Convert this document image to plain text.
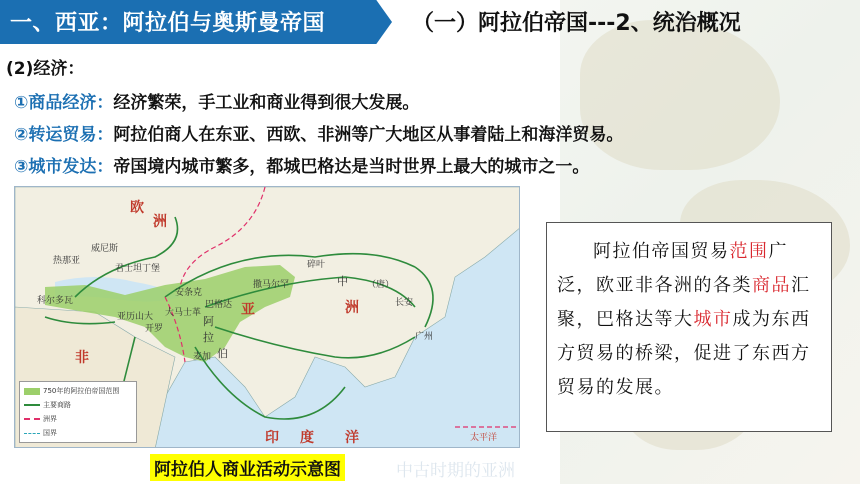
一、西亚：阿拉伯与奥斯曼帝国	（一）阿拉伯帝国---2、统治概况
(2)经济：
①商品经济：经济繁荣，手工业和商业得到很大发展。
②转运贸易：阿拉伯商人在东亚、西欧、非洲等广大地区从事着陆上和海洋贸易。
③城市发达：帝国境内城市繁多，都城巴格达是当时世界上最大的城市之一。
欧
洲
亚	洲
非
印 度 洋	太平洋
中 （唐）
威尼斯
热那亚
君士坦丁堡
科尔多瓦
亚历山大
开罗
大马士革
巴格达
安条克
撒马尔罕
碎叶
长安
广州
麦加
阿
拉
伯
750年的阿拉伯帝国范围
主要商路
洲界
国界
阿拉伯人商业活动示意图	中古时期的亚洲
阿拉伯帝国贸易范围广泛，欧亚非各洲的各类商品汇聚，巴格达等大城市成为东西方贸易的桥梁，促进了东西方贸易的发展。
